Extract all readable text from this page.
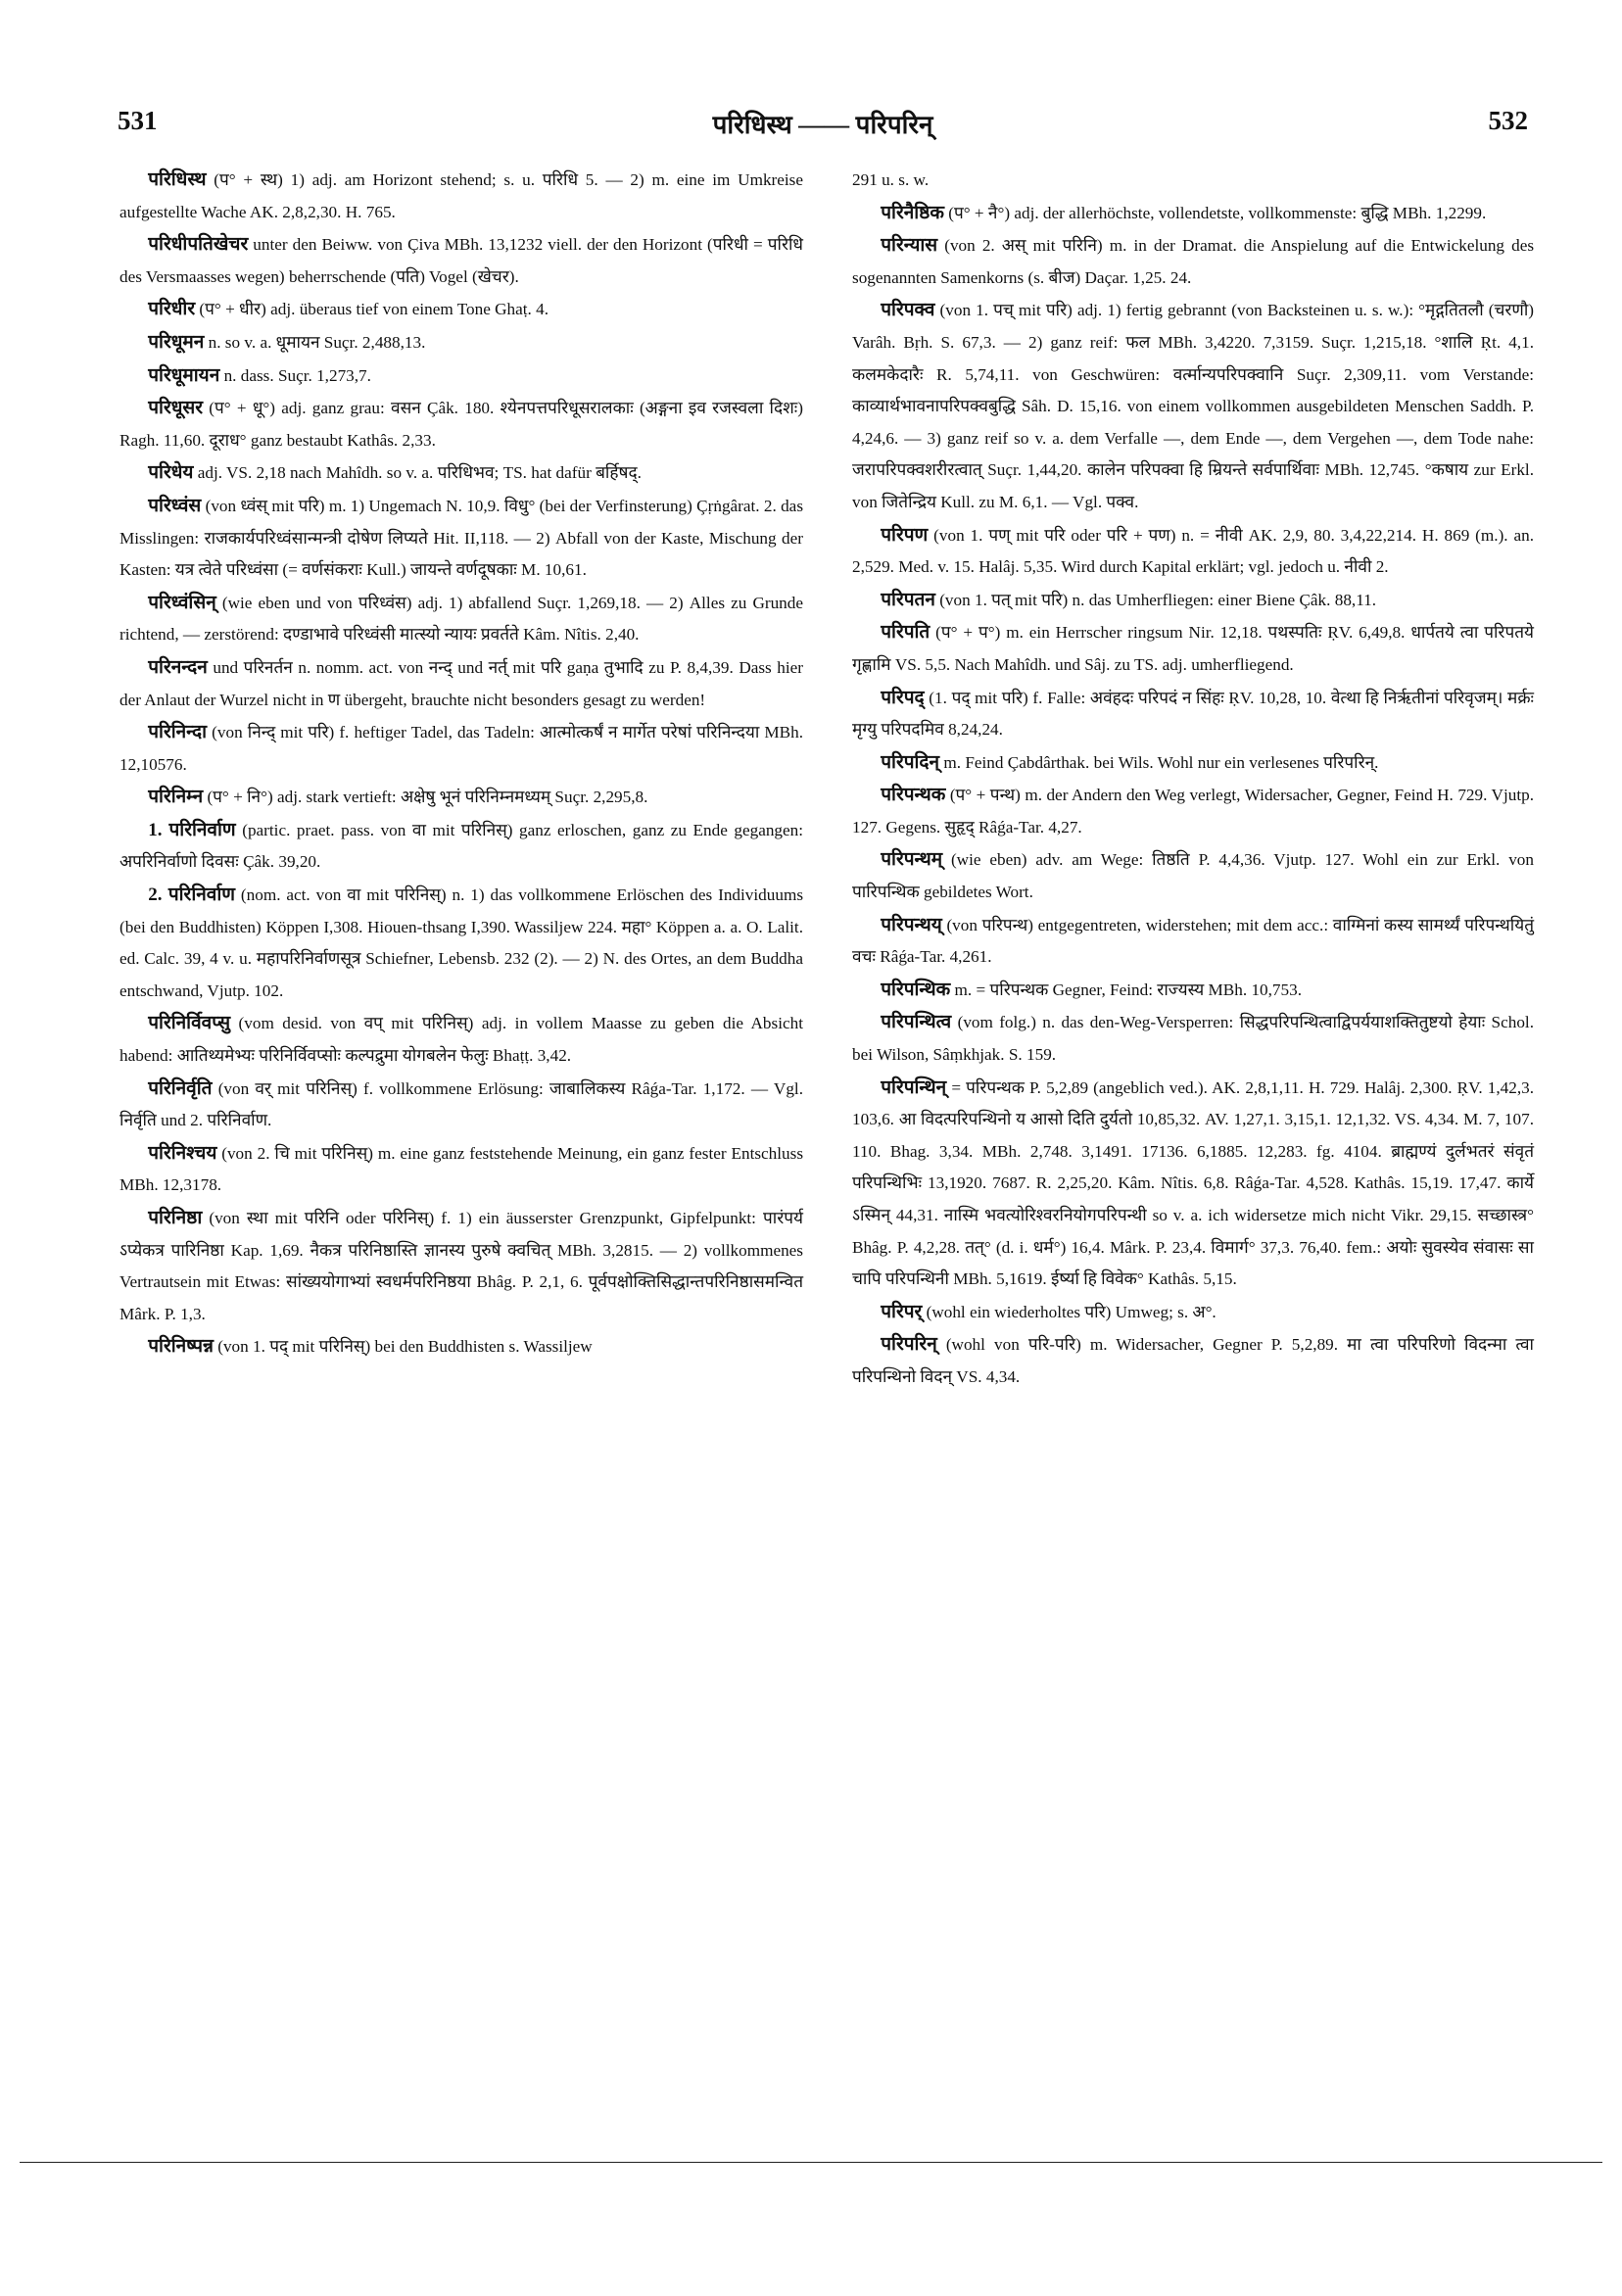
531	परिधिस्थ —— परिपरिन्	532

परिधिस्थ (प° + स्थ) 1) adj. am Horizont stehend; s. u. परिधि 5. — 2) m. eine im Umkreise aufgestellte Wache AK. 2,8,2,30. H. 765.

परिधीपतिखेचर unter den Beiww. von Çiva MBh. 13,1232 viell. der den Horizont (परिधी = परिधि des Versmaasses wegen) beherrschende (पति) Vogel (खेचर).

परिधीर (प° + धीर) adj. überaus tief von einem Tone Ghaṭ. 4.

परिधूमन n. so v. a. धूमायन Suçr. 2,488,13.

परिधूमायन n. dass. Suçr. 1,273,7.

परिधूसर (प° + धू°) adj. ganz grau: वसन Çâk. 180. श्येनपत्तपरिधूसरालकाः (अङ्गना इव रजस्वला दिशः) Ragh. 11,60. दूराध° ganz bestaubt Kathâs. 2,33.

परिधेय adj. VS. 2,18 nach Mahîdh. so v. a. परिधिभव; TS. hat dafür बर्हिषद्.

परिध्वंस (von ध्वंस् mit परि) m. 1) Ungemach N. 10,9. विधु° (bei der Verfinsterung) Çṛṅgârat. 2. das Misslingen: राजकार्यपरिध्वंसान्मन्त्री दोषेण लिप्यते Hit. II,118. — 2) Abfall von der Kaste, Mischung der Kasten: यत्र त्वेते परिध्वंसा (= वर्णसंकराः Kull.) जायन्ते वर्णदूषकाः M. 10,61.

परिध्वंसिन् (wie eben und von परिध्वंस) adj. 1) abfallend Suçr. 1,269,18. — 2) Alles zu Grunde richtend, — zerstörend: दण्डाभावे परिध्वंसी मात्स्यो न्यायः प्रवर्तते Kâm. Nîtis. 2,40.

परिनन्दन und परिनर्तन n. nomm. act. von नन्द् und नर्त् mit परि gaṇa तुभादि zu P. 8,4,39. Dass hier der Anlaut der Wurzel nicht in ण übergeht, brauchte nicht besonders gesagt zu werden!

परिनिन्दा (von निन्द् mit परि) f. heftiger Tadel, das Tadeln: आत्मोत्कर्षं न मार्गेत परेषां परिनिन्दया MBh. 12,10576.

परिनिम्न (प° + नि°) adj. stark vertieft: अक्षेषु भूनं परिनिम्नमध्यम् Suçr. 2,295,8.

1. परिनिर्वाण (partic. praet. pass. von वा mit परिनिस्) ganz erloschen, ganz zu Ende gegangen: अपरिनिर्वाणो दिवसः Çâk. 39,20.

2. परिनिर्वाण (nom. act. von वा mit परिनिस्) n. 1) das vollkommene Erlöschen des Individuums (bei den Buddhisten) Köppen I,308. Hiouen-thsang I,390. Wassiljew 224. महा° Köppen a. a. O. Lalit. ed. Calc. 39, 4 v. u. महापरिनिर्वाणसूत्र Schiefner, Lebensb. 232 (2). — 2) N. des Ortes, an dem Buddha entschwand, Vjutp. 102.

परिनिर्विवप्सु (vom desid. von वप् mit परिनिस्) adj. in vollem Maasse zu geben die Absicht habend: आतिथ्यमेभ्यः परिनिर्विवप्सोः कल्पद्रुमा योगबलेन फेलुः Bhaṭṭ. 3,42.

परिनिर्वृति (von वर् mit परिनिस्) f. vollkommene Erlösung: जाबालिकस्य Râǵa-Tar. 1,172. — Vgl. निर्वृति und 2. परिनिर्वाण.

परिनिश्चय (von 2. चि mit परिनिस्) m. eine ganz feststehende Meinung, ein ganz fester Entschluss MBh. 12,3178.

परिनिष्ठा (von स्था mit परिनि oder परिनिस्) f. 1) ein äusserster Grenzpunkt, Gipfelpunkt: पारंपर्य ऽप्येकत्र पारिनिष्ठा Kap. 1,69. नैकत्र परिनिष्ठास्ति ज्ञानस्य पुरुषे क्वचित् MBh. 3,2815. — 2) vollkommenes Vertrautsein mit Etwas: सांख्ययोगाभ्यां स्वधर्मपरिनिष्ठया Bhâg. P. 2,1, 6. पूर्वपक्षोक्तिसिद्धान्तपरिनिष्ठासमन्वित Mârk. P. 1,3.

परिनिष्पन्न (von 1. पद् mit परिनिस्) bei den Buddhisten s. Wassiljew

291 u. s. w.

परिनैष्ठिक (प° + नै°) adj. der allerhöchste, vollendetste, vollkommenste: बुद्धि MBh. 1,2299.

परिन्यास (von 2. अस् mit परिनि) m. in der Dramat. die Anspielung auf die Entwickelung des sogenannten Samenkorns (s. बीज) Daçar. 1,25. 24.

परिपक्व (von 1. पच् mit परि) adj. 1) fertig gebrannt (von Backsteinen u. s. w.): °मृद्गतितलौ (चरणौ) Varâh. Bṛh. S. 67,3. — 2) ganz reif: फल MBh. 3,4220. 7,3159. Suçr. 1,215,18. °शालि Ṛt. 4,1. कलमकेदारैः R. 5,74,11. von Geschwüren: वर्त्मान्यपरिपक्वानि Suçr. 2,309,11. vom Verstande: काव्यार्थभावनापरिपक्वबुद्धि Sâh. D. 15,16. von einem vollkommen ausgebildeten Menschen Saddh. P. 4,24,6. — 3) ganz reif so v. a. dem Verfalle —, dem Ende —, dem Vergehen —, dem Tode nahe: जरापरिपक्वशरीरत्वात् Suçr. 1,44,20. कालेन परिपक्वा हि म्रियन्ते सर्वपार्थिवाः MBh. 12,745. °कषाय zur Erkl. von जितेन्द्रिय Kull. zu M. 6,1. — Vgl. पक्व.

परिपण (von 1. पण् mit परि oder परि + पण) n. = नीवी AK. 2,9, 80. 3,4,22,214. H. 869 (m.). an. 2,529. Med. v. 15. Halâj. 5,35. Wird durch Kapital erklärt; vgl. jedoch u. नीवी 2.

परिपतन (von 1. पत् mit परि) n. das Umherfliegen: einer Biene Çâk. 88,11.

परिपति (प° + प°) m. ein Herrscher ringsum Nir. 12,18. पथस्पतिः ṚV. 6,49,8. धार्पतये त्वा परिपतये गृह्णामि VS. 5,5. Nach Mahîdh. und Sâj. zu TS. adj. umherfliegend.

परिपद् (1. पद् mit परि) f. Falle: अवंहदः परिपदं न सिंहः ṚV. 10,28, 10. वेत्था हि निर्ऋतीनां परिवृजम्। मर्क्रः मृग्यु परिपदमिव 8,24,24.

परिपदिन् m. Feind Çabdârthak. bei Wils. Wohl nur ein verlesenes परिपरिन्.

परिपन्थक (प° + पन्थ) m. der Andern den Weg verlegt, Widersacher, Gegner, Feind H. 729. Vjutp. 127. Gegens. सुहृद् Râǵa-Tar. 4,27.

परिपन्थम् (wie eben) adv. am Wege: तिष्ठति P. 4,4,36. Vjutp. 127. Wohl ein zur Erkl. von पारिपन्थिक gebildetes Wort.

परिपन्थय् (von परिपन्थ) entgegentreten, widerstehen; mit dem acc.: वाग्मिनां कस्य सामर्थ्यं परिपन्थयितुं वचः Râǵa-Tar. 4,261.

परिपन्थिक m. = परिपन्थक Gegner, Feind: राज्यस्य MBh. 10,753.

परिपन्थित्व (vom folg.) n. das den-Weg-Versperren: सिद्धपरिपन्थित्वाद्विपर्ययाशक्तितुष्टयो हेयाः Schol. bei Wilson, Sâṃkhjak. S. 159.

परिपन्थिन् = परिपन्थक P. 5,2,89 (angeblich ved.). AK. 2,8,1,11. H. 729. Halâj. 2,300. ṚV. 1,42,3. 103,6. आ विदत्परिपन्थिनो य आसो दिति दुर्यतो 10,85,32. AV. 1,27,1. 3,15,1. 12,1,32. VS. 4,34. M. 7, 107. 110. Bhag. 3,34. MBh. 2,748. 3,1491. 17136. 6,1885. 12,283. fg. 4104. ब्राह्मण्यं दुर्लभतरं संवृतं परिपन्थिभिः 13,1920. 7687. R. 2,25,20. Kâm. Nîtis. 6,8. Râǵa-Tar. 4,528. Kathâs. 15,19. 17,47. कार्ये ऽस्मिन् 44,31. नास्मि भवत्योरिश्वरनियोगपरिपन्थी so v. a. ich widersetze mich nicht Vikr. 29,15. सच्छास्त्र° Bhâg. P. 4,2,28. तत्° (d. i. धर्म°) 16,4. Mârk. P. 23,4. विमार्ग° 37,3. 76,40. fem.: अयोः सुवस्येव संवासः सा चापि परिपन्थिनी MBh. 5,1619. ईर्ष्या हि विवेक° Kathâs. 5,15.

परिपर् (wohl ein wiederholtes परि) Umweg; s. अ°.

परिपरिन् (wohl von परि-परि) m. Widersacher, Gegner P. 5,2,89. मा त्वा परिपरिणो विदन्मा त्वा परिपन्थिनो विदन् VS. 4,34.
